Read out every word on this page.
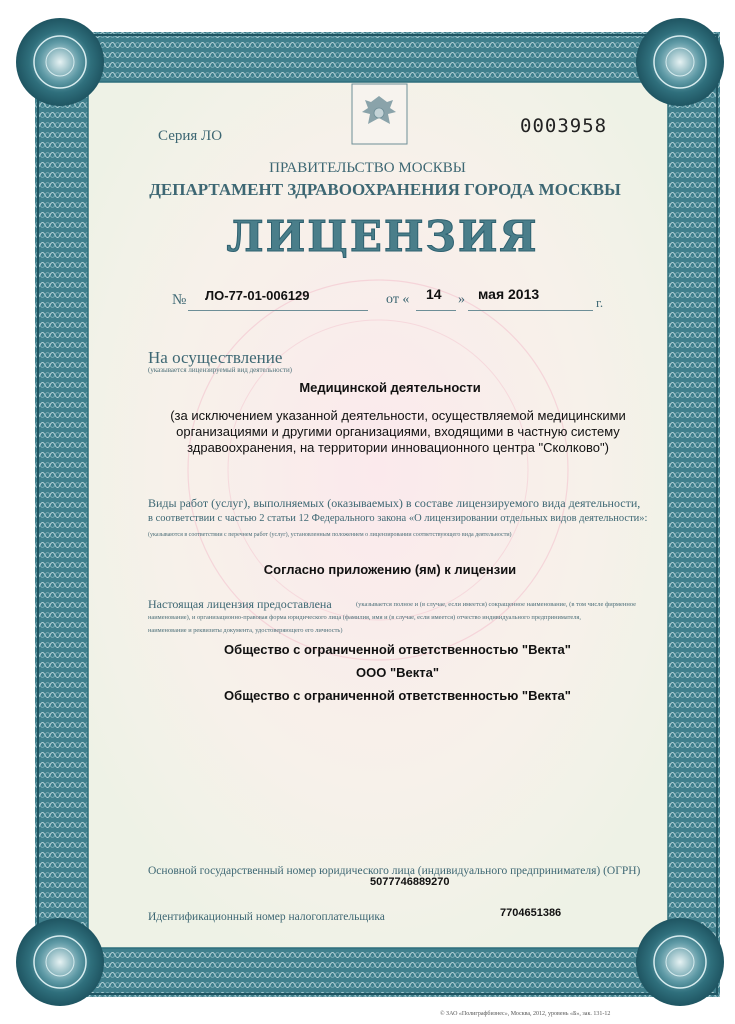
Серия ЛО	0003958

ПРАВИТЕЛЬСТВО МОСКВЫ

ДЕПАРТАМЕНТ ЗДРАВООХРАНЕНИЯ ГОРОДА МОСКВЫ

ЛИЦЕНЗИЯ

№ ЛО-77-01-006129	от « 14 » мая 2013

г.

На осуществление

(указывается лицензируемый вид деятельности)

Медицинской деятельности

(за исключением указанной деятельности, осуществляемой медицинскими организациями и другими организациями, входящими в частную систему здравоохранения, на территории инновационного центра "Сколково")

Виды работ (услуг), выполняемых (оказываемых) в составе лицензируемого вида деятельности,

в соответствии с частью 2 статьи 12 Федерального закона «О лицензировании отдельных видов деятельности»:

(указываются в соответствии с перечнем работ (услуг), установленным положением о лицензировании соответствующего вида деятельности)

Согласно приложению (ям) к лицензии

Настоящая лицензия предоставлена	(указывается полное и (в случае, если имеется) сокращенное наименование, (в том числе фирменное

наименование), и организационно-правовая форма юридического лица (фамилия, имя и (в случае, если имеется) отчество индивидуального предпринимателя,

наименование и реквизиты документа, удостоверяющего его личность)

Общество с ограниченной ответственностью "Векта"

ООО "Векта"

Общество с ограниченной ответственностью "Векта"

Основной государственный номер юридического лица (индивидуального предпринимателя) (ОГРН)

5077746889270

Идентификационный номер налогоплательщика	7704651386

© ЗАО «Полиграфбизнес», Москва, 2012, уровень «Б», зак. 131-12
